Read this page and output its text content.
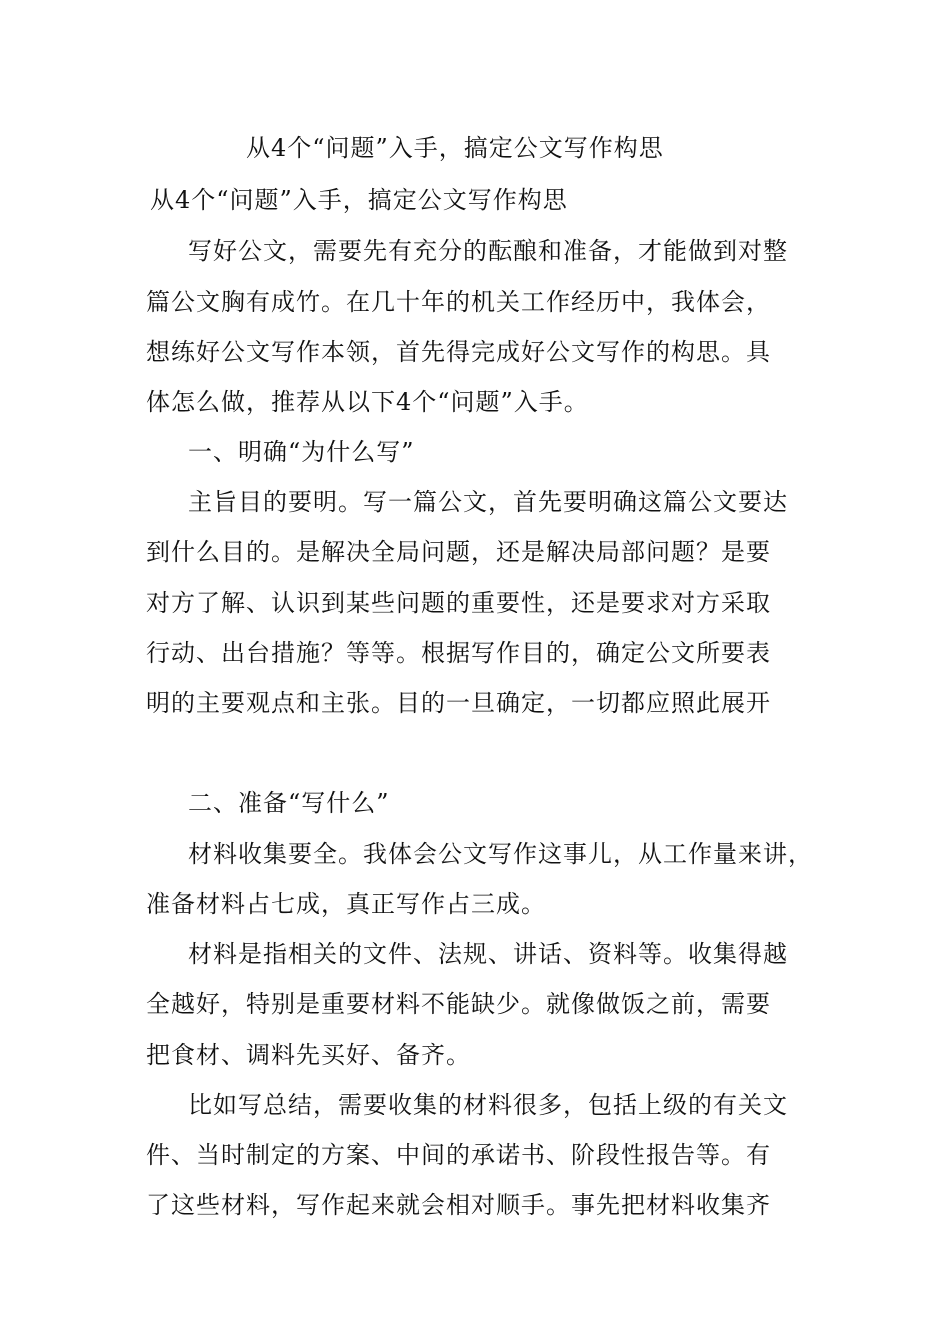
从4个“问题”入手，搞定公文写作构思
从4个“问题”入手，搞定公文写作构思
写好公文，需要先有充分的酝酿和准备，才能做到对整
篇公文胸有成竹。在几十年的机关工作经历中，我体会，
想练好公文写作本领，首先得完成好公文写作的构思。具
体怎么做，推荐从以下4个“问题”入手。
一、明确“为什么写”
主旨目的要明。写一篇公文，首先要明确这篇公文要达
到什么目的。是解决全局问题，还是解决局部问题？是要
对方了解、认识到某些问题的重要性，还是要求对方采取
行动、出台措施？等等。根据写作目的，确定公文所要表
明的主要观点和主张。目的一旦确定，一切都应照此展开
二、准备“写什么”
材料收集要全。我体会公文写作这事儿，从工作量来讲，
准备材料占七成，真正写作占三成。
材料是指相关的文件、法规、讲话、资料等。收集得越
全越好，特别是重要材料不能缺少。就像做饭之前，需要
把食材、调料先买好、备齐。
比如写总结，需要收集的材料很多，包括上级的有关文
件、当时制定的方案、中间的承诺书、阶段性报告等。有
了这些材料，写作起来就会相对顺手。事先把材料收集齐
